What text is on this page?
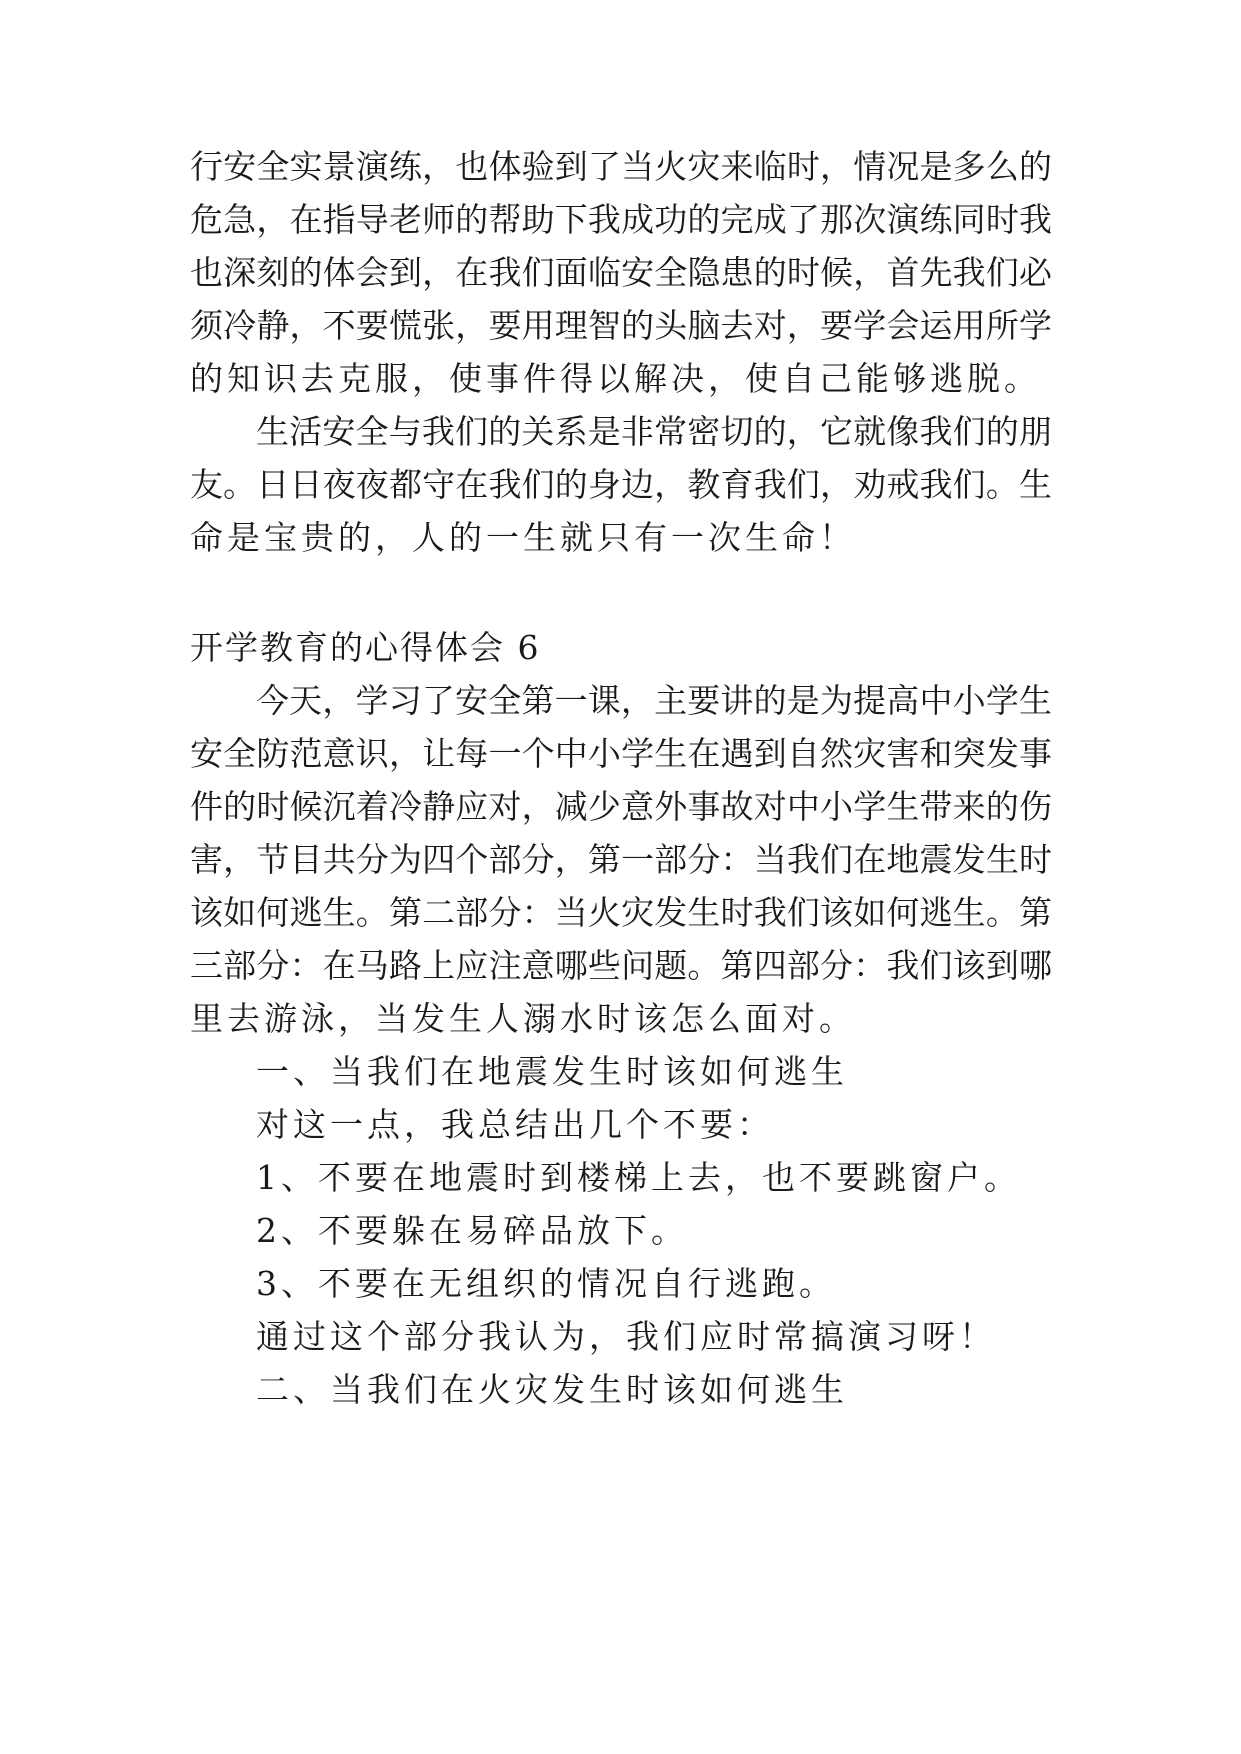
行安全实景演练，也体验到了当火灾来临时，情况是多么的
危急，在指导老师的帮助下我成功的完成了那次演练同时我
也深刻的体会到，在我们面临安全隐患的时候，首先我们必
须冷静，不要慌张，要用理智的头脑去对，要学会运用所学
的知识去克服，使事件得以解决，使自己能够逃脱。
生活安全与我们的关系是非常密切的，它就像我们的朋
友。日日夜夜都守在我们的身边，教育我们，劝戒我们。生
命是宝贵的，人的一生就只有一次生命！
开学教育的心得体会 6
今天，学习了安全第一课，主要讲的是为提高中小学生
安全防范意识，让每一个中小学生在遇到自然灾害和突发事
件的时候沉着冷静应对，减少意外事故对中小学生带来的伤
害，节目共分为四个部分，第一部分：当我们在地震发生时
该如何逃生。第二部分：当火灾发生时我们该如何逃生。第
三部分：在马路上应注意哪些问题。第四部分：我们该到哪
里去游泳，当发生人溺水时该怎么面对。
一、当我们在地震发生时该如何逃生
对这一点，我总结出几个不要：
1、不要在地震时到楼梯上去，也不要跳窗户。
2、不要躲在易碎品放下。
3、不要在无组织的情况自行逃跑。
通过这个部分我认为，我们应时常搞演习呀！
二、当我们在火灾发生时该如何逃生
